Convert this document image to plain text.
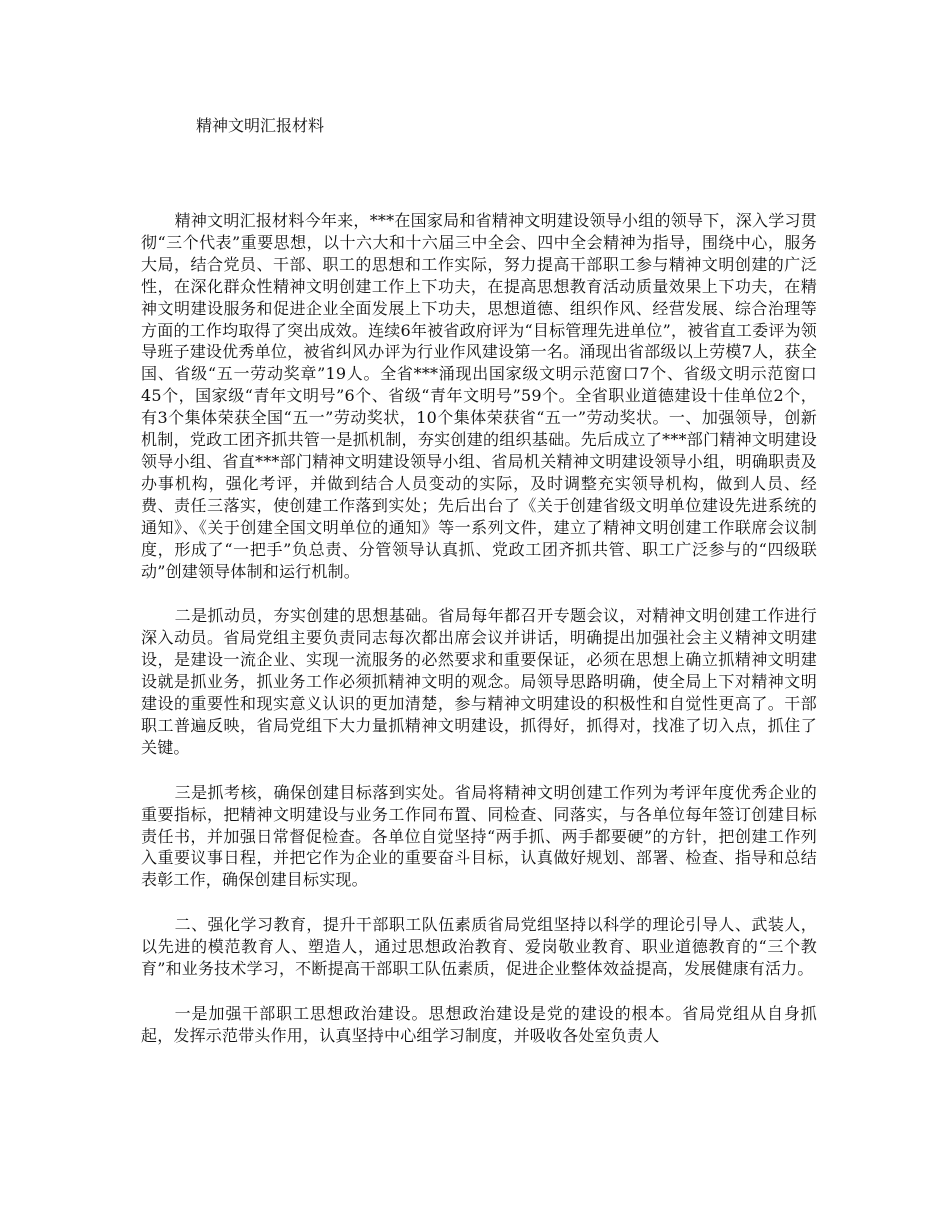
精神文明汇报材料

精神文明汇报材料今年来，***在国家局和省精神文明建设领导小组的领导下，深入学习贯彻“三个代表”重要思想，以十六大和十六届三中全会、四中全会精神为指导，围绕中心，服务大局，结合党员、干部、职工的思想和工作实际，努力提高干部职工参与精神文明创建的广泛性，在深化群众性精神文明创建工作上下功夫，在提高思想教育活动质量效果上下功夫，在精神文明建设服务和促进企业全面发展上下功夫，思想道德、组织作风、经营发展、综合治理等方面的工作均取得了突出成效。连续6年被省政府评为“目标管理先进单位”，被省直工委评为领导班子建设优秀单位，被省纠风办评为行业作风建设第一名。涌现出省部级以上劳模7人，获全国、省级“五一劳动奖章”19人。全省***涌现出国家级文明示范窗口7个、省级文明示范窗口45个，国家级“青年文明号”6个、省级“青年文明号”59个。全省职业道德建设十佳单位2个，有3个集体荣获全国“五一”劳动奖状，10个集体荣获省“五一”劳动奖状。一、加强领导，创新机制，党政工团齐抓共管一是抓机制，夯实创建的组织基础。先后成立了***部门精神文明建设领导小组、省直***部门精神文明建设领导小组、省局机关精神文明建设领导小组，明确职责及办事机构，强化考评，并做到结合人员变动的实际，及时调整充实领导机构，做到人员、经费、责任三落实，使创建工作落到实处；先后出台了《关于创建省级文明单位建设先进系统的通知》、《关于创建全国文明单位的通知》等一系列文件，建立了精神文明创建工作联席会议制度，形成了“一把手”负总责、分管领导认真抓、党政工团齐抓共管、职工广泛参与的“四级联动”创建领导体制和运行机制。

二是抓动员，夯实创建的思想基础。省局每年都召开专题会议，对精神文明创建工作进行深入动员。省局党组主要负责同志每次都出席会议并讲话，明确提出加强社会主义精神文明建设，是建设一流企业、实现一流服务的必然要求和重要保证，必须在思想上确立抓精神文明建设就是抓业务，抓业务工作必须抓精神文明的观念。局领导思路明确，使全局上下对精神文明建设的重要性和现实意义认识的更加清楚，参与精神文明建设的积极性和自觉性更高了。干部职工普遍反映，省局党组下大力量抓精神文明建设，抓得好，抓得对，找准了切入点，抓住了关键。

三是抓考核，确保创建目标落到实处。省局将精神文明创建工作列为考评年度优秀企业的重要指标，把精神文明建设与业务工作同布置、同检查、同落实，与各单位每年签订创建目标责任书，并加强日常督促检查。各单位自觉坚持“两手抓、两手都要硬”的方针，把创建工作列入重要议事日程，并把它作为企业的重要奋斗目标，认真做好规划、部署、检查、指导和总结表彰工作，确保创建目标实现。

二、强化学习教育，提升干部职工队伍素质省局党组坚持以科学的理论引导人、武装人，以先进的模范教育人、塑造人，通过思想政治教育、爱岗敬业教育、职业道德教育的“三个教育”和业务技术学习，不断提高干部职工队伍素质，促进企业整体效益提高，发展健康有活力。

一是加强干部职工思想政治建设。思想政治建设是党的建设的根本。省局党组从自身抓起，发挥示范带头作用，认真坚持中心组学习制度，并吸收各处室负责人
